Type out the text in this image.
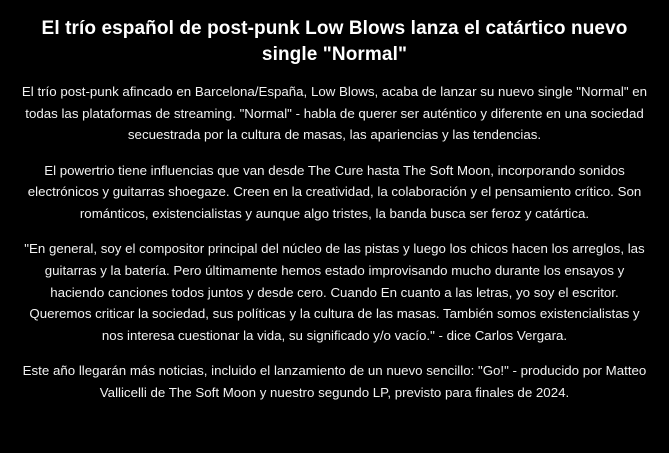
El trío español de post-punk Low Blows lanza el catártico nuevo single "Normal"

El trío post-punk afincado en Barcelona/España, Low Blows, acaba de lanzar su nuevo single "Normal" en todas las plataformas de streaming. "Normal" - habla de querer ser auténtico y diferente en una sociedad secuestrada por la cultura de masas, las apariencias y las tendencias.

El powertrio tiene influencias que van desde The Cure hasta The Soft Moon, incorporando sonidos electrónicos y guitarras shoegaze. Creen en la creatividad, la colaboración y el pensamiento crítico. Son románticos, existencialistas y aunque algo tristes, la banda busca ser feroz y catártica.

"En general, soy el compositor principal del núcleo de las pistas y luego los chicos hacen los arreglos, las guitarras y la batería. Pero últimamente hemos estado improvisando mucho durante los ensayos y haciendo canciones todos juntos y desde cero. Cuando En cuanto a las letras, yo soy el escritor. Queremos criticar la sociedad, sus políticas y la cultura de las masas. También somos existencialistas y nos interesa cuestionar la vida, su significado y/o vacío." - dice Carlos Vergara.

Este año llegarán más noticias, incluido el lanzamiento de un nuevo sencillo: "Go!" - producido por Matteo Vallicelli de The Soft Moon y nuestro segundo LP, previsto para finales de 2024.
